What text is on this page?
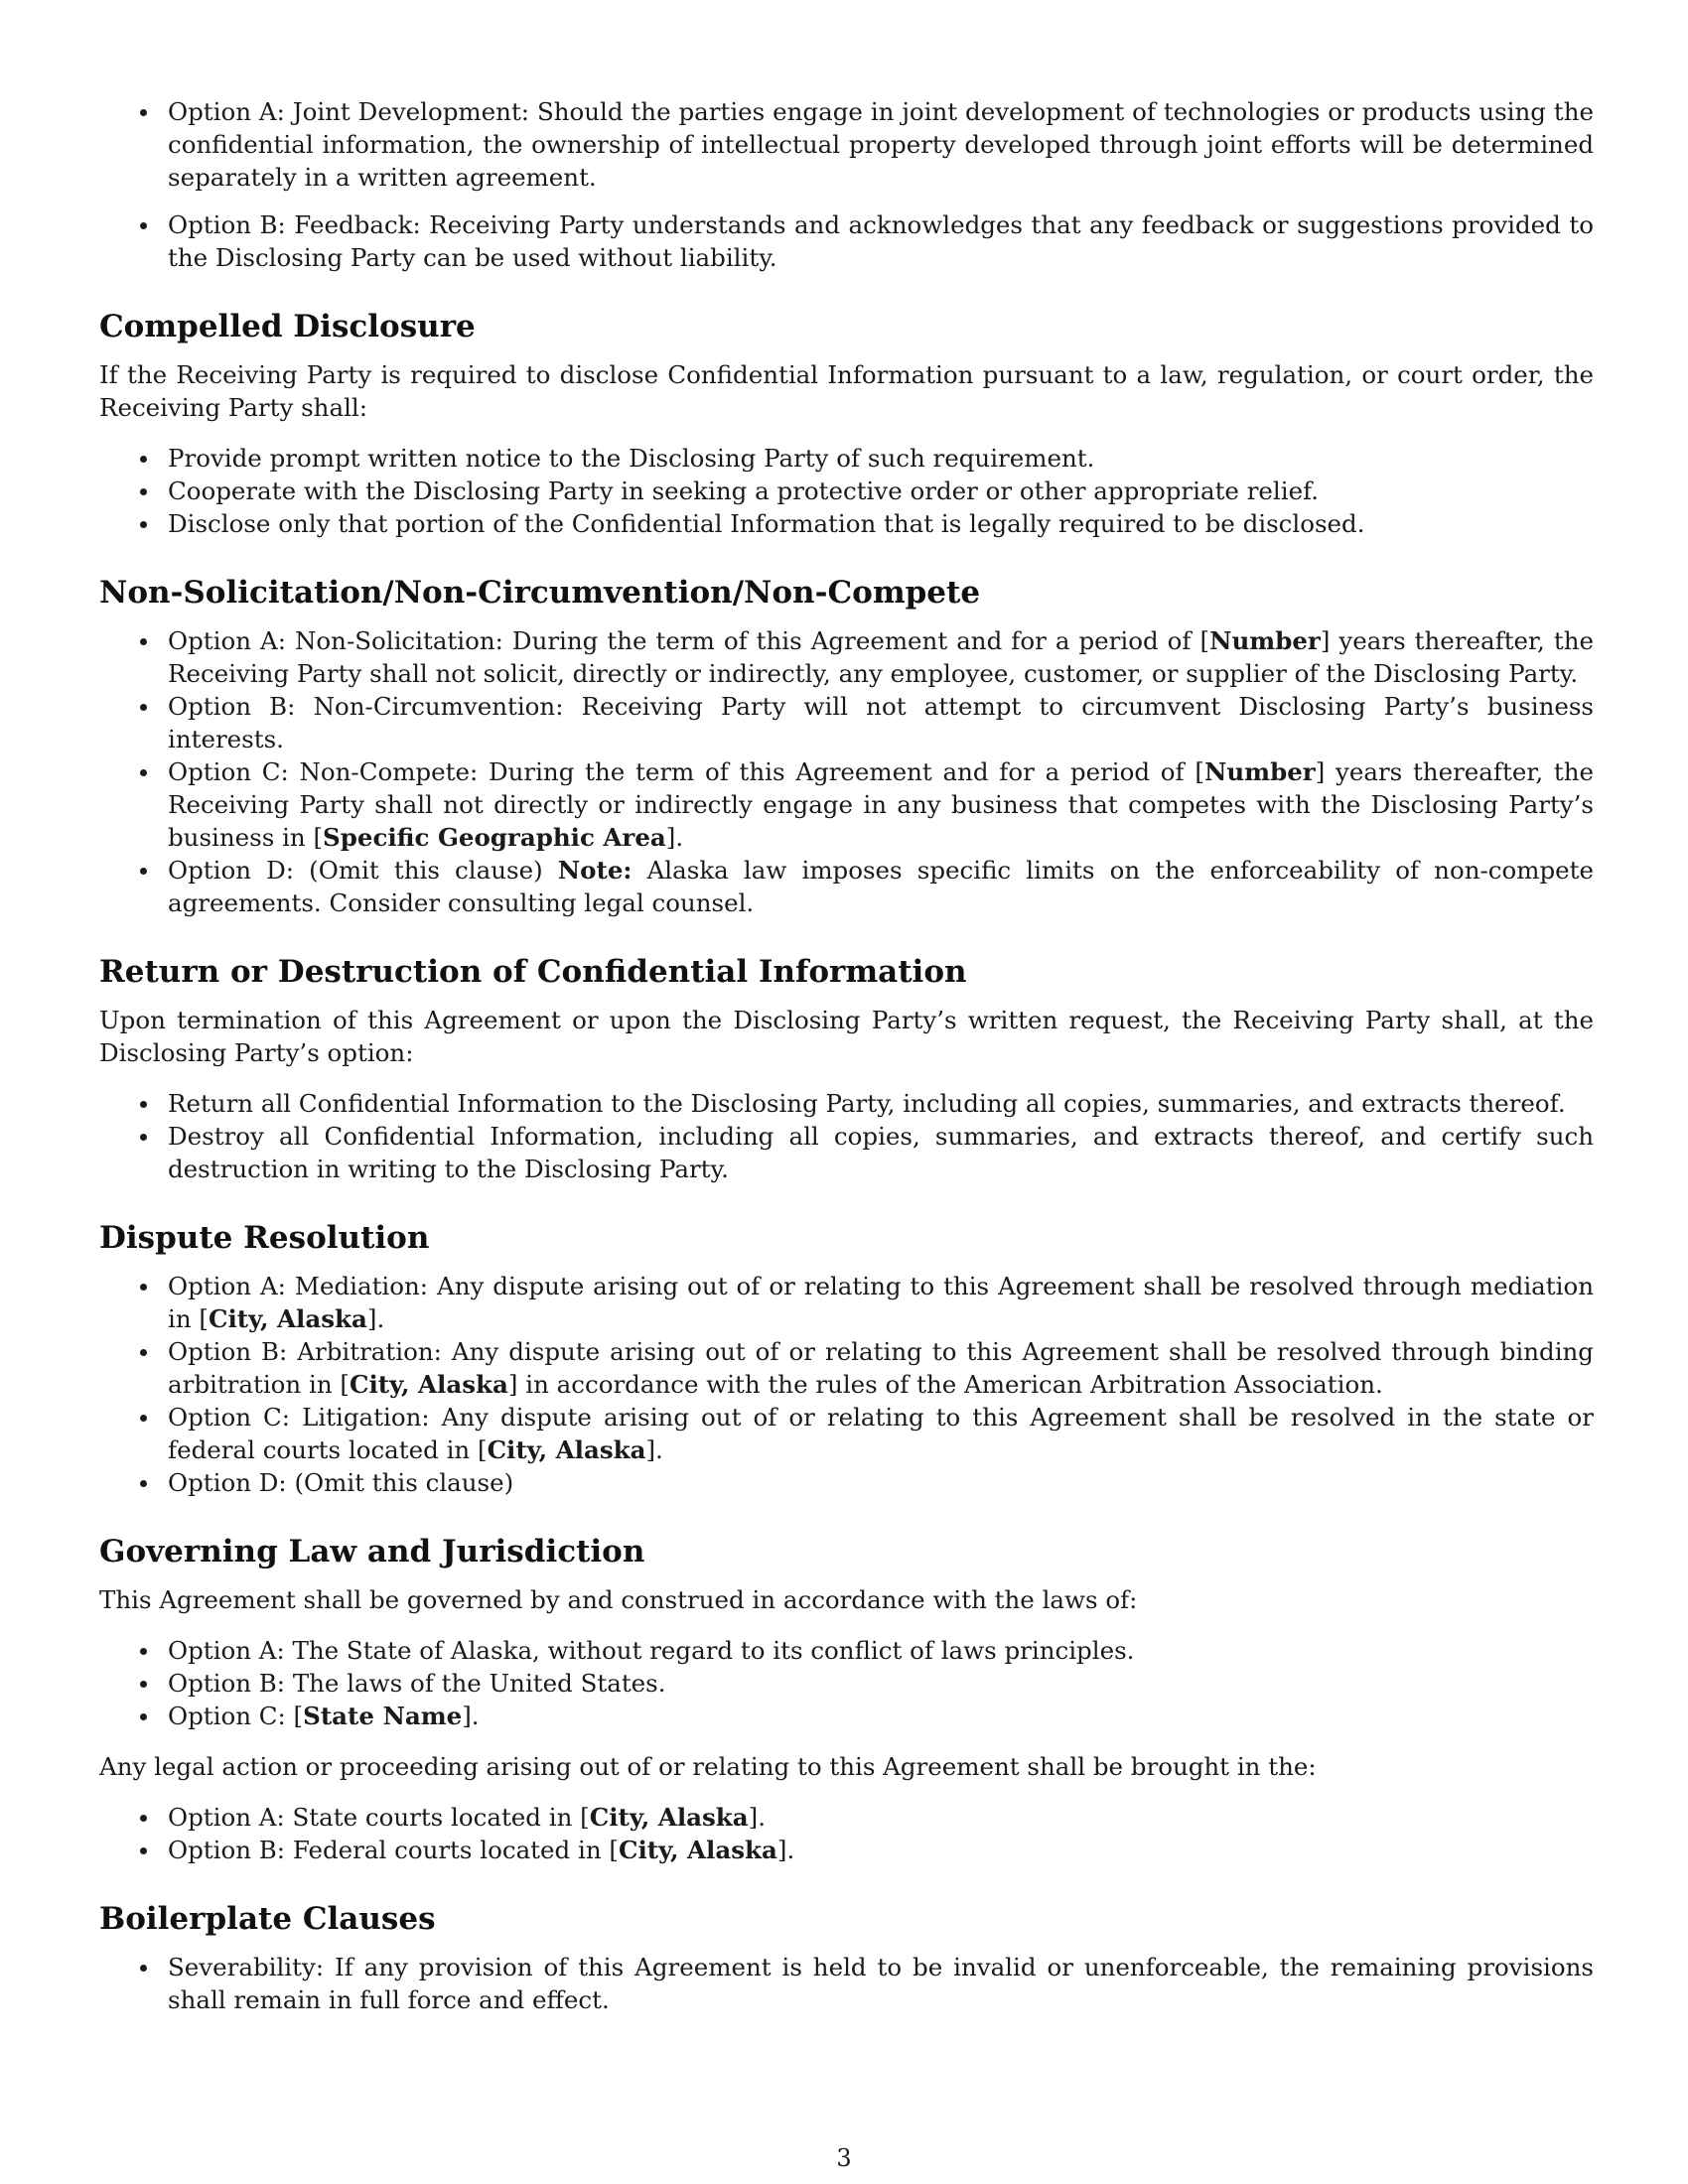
Option A: Joint Development: Should the parties engage in joint development of technologies or products using the confidential information, the ownership of intellectual property developed through joint efforts will be determined separately in a written agreement.
Option B: Feedback: Receiving Party understands and acknowledges that any feedback or suggestions provided to the Disclosing Party can be used without liability.
Compelled Disclosure

If the Receiving Party is required to disclose Confidential Information pursuant to a law, regulation, or court order, the Receiving Party shall:

Provide prompt written notice to the Disclosing Party of such requirement.
Cooperate with the Disclosing Party in seeking a protective order or other appropriate relief.
Disclose only that portion of the Confidential Information that is legally required to be disclosed.
Non-Solicitation/Non-Circumvention/Non-Compete
Option A: Non-Solicitation: During the term of this Agreement and for a period of [Number] years thereafter, the Receiving Party shall not solicit, directly or indirectly, any employee, customer, or supplier of the Disclosing Party.
Option B: Non-Circumvention: Receiving Party will not attempt to circumvent Disclosing Party’s business interests.
Option C: Non-Compete: During the term of this Agreement and for a period of [Number] years thereafter, the Receiving Party shall not directly or indirectly engage in any business that competes with the Disclosing Party’s business in [Specific Geographic Area].
Option D: (Omit this clause) Note: Alaska law imposes specific limits on the enforceability of non-compete agreements. Consider consulting legal counsel.
Return or Destruction of Confidential Information

Upon termination of this Agreement or upon the Disclosing Party’s written request, the Receiving Party shall, at the Disclosing Party’s option:

Return all Confidential Information to the Disclosing Party, including all copies, summaries, and extracts thereof.
Destroy all Confidential Information, including all copies, summaries, and extracts thereof, and certify such destruction in writing to the Disclosing Party.
Dispute Resolution
Option A: Mediation: Any dispute arising out of or relating to this Agreement shall be resolved through mediation in [City, Alaska].
Option B: Arbitration: Any dispute arising out of or relating to this Agreement shall be resolved through binding arbitration in [City, Alaska] in accordance with the rules of the American Arbitration Association.
Option C: Litigation: Any dispute arising out of or relating to this Agreement shall be resolved in the state or federal courts located in [City, Alaska].
Option D: (Omit this clause)
Governing Law and Jurisdiction

This Agreement shall be governed by and construed in accordance with the laws of:

Option A: The State of Alaska, without regard to its conflict of laws principles.
Option B: The laws of the United States.
Option C: [State Name].

Any legal action or proceeding arising out of or relating to this Agreement shall be brought in the:

Option A: State courts located in [City, Alaska].
Option B: Federal courts located in [City, Alaska].
Boilerplate Clauses
Severability: If any provision of this Agreement is held to be invalid or unenforceable, the remaining provisions shall remain in full force and effect.
3
